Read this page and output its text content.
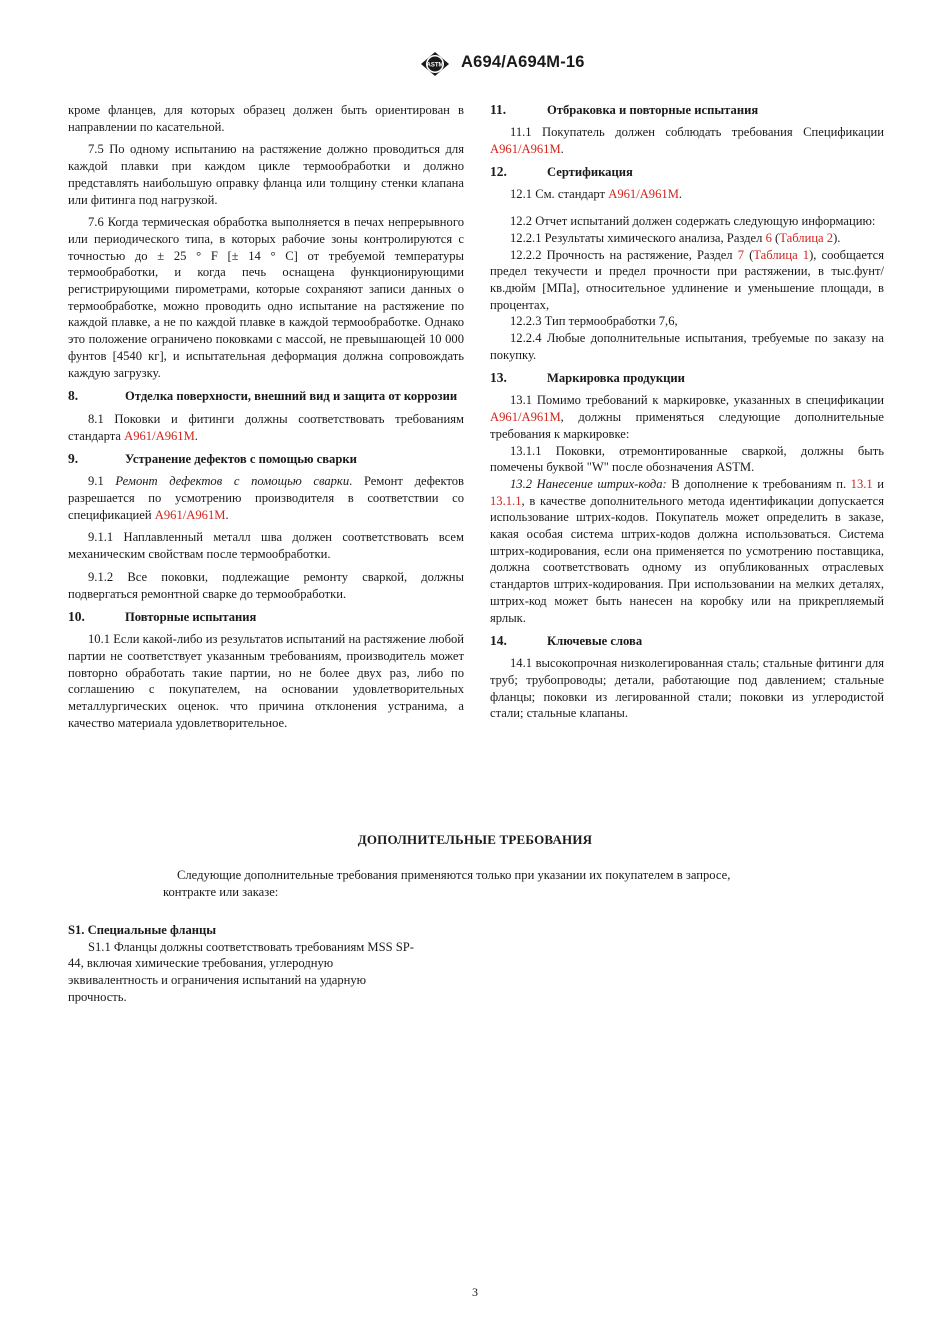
ASTM A694/A694M-16

кроме фланцев, для которых образец должен быть ориентирован в направлении по касательной.

7.5 По одному испытанию на растяжение должно проводиться для каждой плавки при каждом цикле термообработки и должно представлять наибольшую оправку фланца или толщину стенки клапана или фитинга под нагрузкой.

7.6 Когда термическая обработка выполняется в печах непрерывного или периодического типа, в которых рабочие зоны контролируются с точностью до ± 25 ° F [± 14 ° C] от требуемой температуры термообработки, и когда печь оснащена функционирующими регистрирующими пирометрами, которые сохраняют записи данных о термообработке, можно проводить одно испытание на растяжение по каждой плавке, а не по каждой плавке в каждой термообработке. Однако это положение ограничено поковками с массой, не превышающей 10 000 фунтов [4540 кг], и испытательная деформация должна сопровождать каждую загрузку.

8.	Отделка поверхности, внешний вид и защита от коррозии

8.1 Поковки и фитинги должны соответствовать требованиям стандарта A961/A961M.

9.	Устранение дефектов с помощью сварки

9.1 Ремонт дефектов с помощью сварки. Ремонт дефектов разрешается по усмотрению производителя в соответствии со спецификацией A961/A961M.

9.1.1 Наплавленный металл шва должен соответствовать всем механическим свойствам после термообработки.

9.1.2 Все поковки, подлежащие ремонту сваркой, должны подвергаться ремонтной сварке до термообработки.

10.	Повторные испытания

10.1 Если какой-либо из результатов испытаний на растяжение любой партии не соответствует указанным требованиям, производитель может повторно обработать такие партии, но не более двух раз, либо по соглашению с покупателем, на основании удовлетворительных металлургических оценок. что причина отклонения устранима, а качество материала удовлетворительное.

11.	Отбраковка и повторные испытания

11.1 Покупатель должен соблюдать требования Спецификации A961/A961M.

12.	Сертификация

12.1 См. стандарт A961/A961M.

12.2 Отчет испытаний должен содержать следующую информацию:

12.2.1 Результаты химического анализа, Раздел 6 (Таблица 2).

12.2.2 Прочность на растяжение, Раздел 7 (Таблица 1), сообщается предел текучести и предел прочности при растяжении, в тыс.фунт/кв.дюйм [МПа], относительное удлинение и уменьшение площади, в процентах,

12.2.3 Тип термообработки 7,6,

12.2.4 Любые дополнительные испытания, требуемые по заказу на покупку.

13.	Маркировка продукции

13.1 Помимо требований к маркировке, указанных в спецификации A961/A961M, должны применяться следующие дополнительные требования к маркировке:

13.1.1 Поковки, отремонтированные сваркой, должны быть помечены буквой "W" после обозначения ASTM.

13.2 Нанесение штрих-кода: В дополнение к требованиям п. 13.1 и 13.1.1, в качестве дополнительного метода идентификации допускается использование штрих-кодов. Покупатель может определить в заказе, какая особая система штрих-кодов должна использоваться. Система штрих-кодирования, если она применяется по усмотрению поставщика, должна соответствовать одному из опубликованных отраслевых стандартов штрих-кодирования. При использовании на мелких деталях, штрих-код может быть нанесен на коробку или на прикрепляемый ярлык.

14.	Ключевые слова

14.1 высокопрочная низколегированная сталь; стальные фитинги для труб; трубопроводы; детали, работающие под давлением; стальные фланцы; поковки из легированной стали; поковки из углеродистой стали; стальные клапаны.

ДОПОЛНИТЕЛЬНЫЕ ТРЕБОВАНИЯ

Следующие дополнительные требования применяются только при указании их покупателем в запросе, контракте или заказе:

S1. Специальные фланцы

S1.1 Фланцы должны соответствовать требованиям MSS SP-44, включая химические требования, углеродную эквивалентность и ограничения испытаний на ударную прочность.

3
